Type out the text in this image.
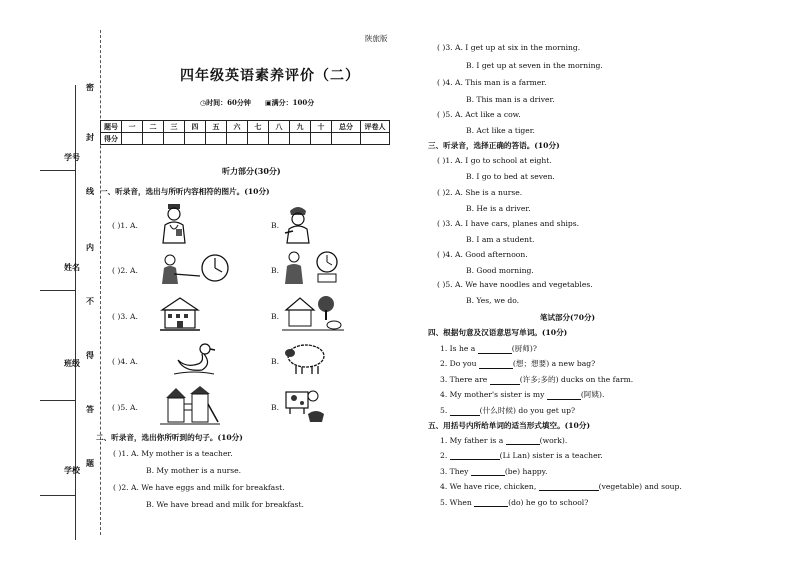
学号
姓名
班级
学校
密
封
线
内
不
得
答
题
陕旅版
四年级英语素养评价（二）
◷时间：60分钟 ▣满分：100分
题号	一	二	三	四	五	六	七	八	九	十	总分	评卷人
得分												
听力部分(30分)
一、听录音，选出与所听内容相符的图片。(10分)
( )1. A.	B.
( )2. A.	B.
( )3. A.	B.
( )4. A.	B.
( )5. A.	B.
二、听录音，选出你所听到的句子。(10分)
( )1. A. My mother is a teacher.
B. My mother is a nurse.
( )2. A. We have eggs and milk for breakfast.
B. We have bread and milk for breakfast.
( )3. A. I get up at six in the morning.
B. I get up at seven in the morning.
( )4. A. This man is a farmer.
B. This man is a driver.
( )5. A. Act like a cow.
B. Act like a tiger.
三、听录音，选择正确的答语。(10分)
( )1. A. I go to school at eight.
B. I go to bed at seven.
( )2. A. She is a nurse.
B. He is a driver.
( )3. A. I have cars, planes and ships.
B. I am a student.
( )4. A. Good afternoon.
B. Good morning.
( )5. A. We have noodles and vegetables.
B. Yes, we do.
笔试部分(70分)
四、根据句意及汉语意思写单词。(10分)
1. Is he a	(厨师)?
2. Do you	(想；想要) a new bag?
3. There are	(许多;多的) ducks on the farm.
4. My mother's sister is my	(阿姨).
5.	(什么时候) do you get up?
五、用括号内所给单词的适当形式填空。(10分)
1. My father is a	(work).
2.	(Li Lan) sister is a teacher.
3. They	(be) happy.
4. We have rice, chicken,	(vegetable) and soup.
5. When	(do) he go to school?
